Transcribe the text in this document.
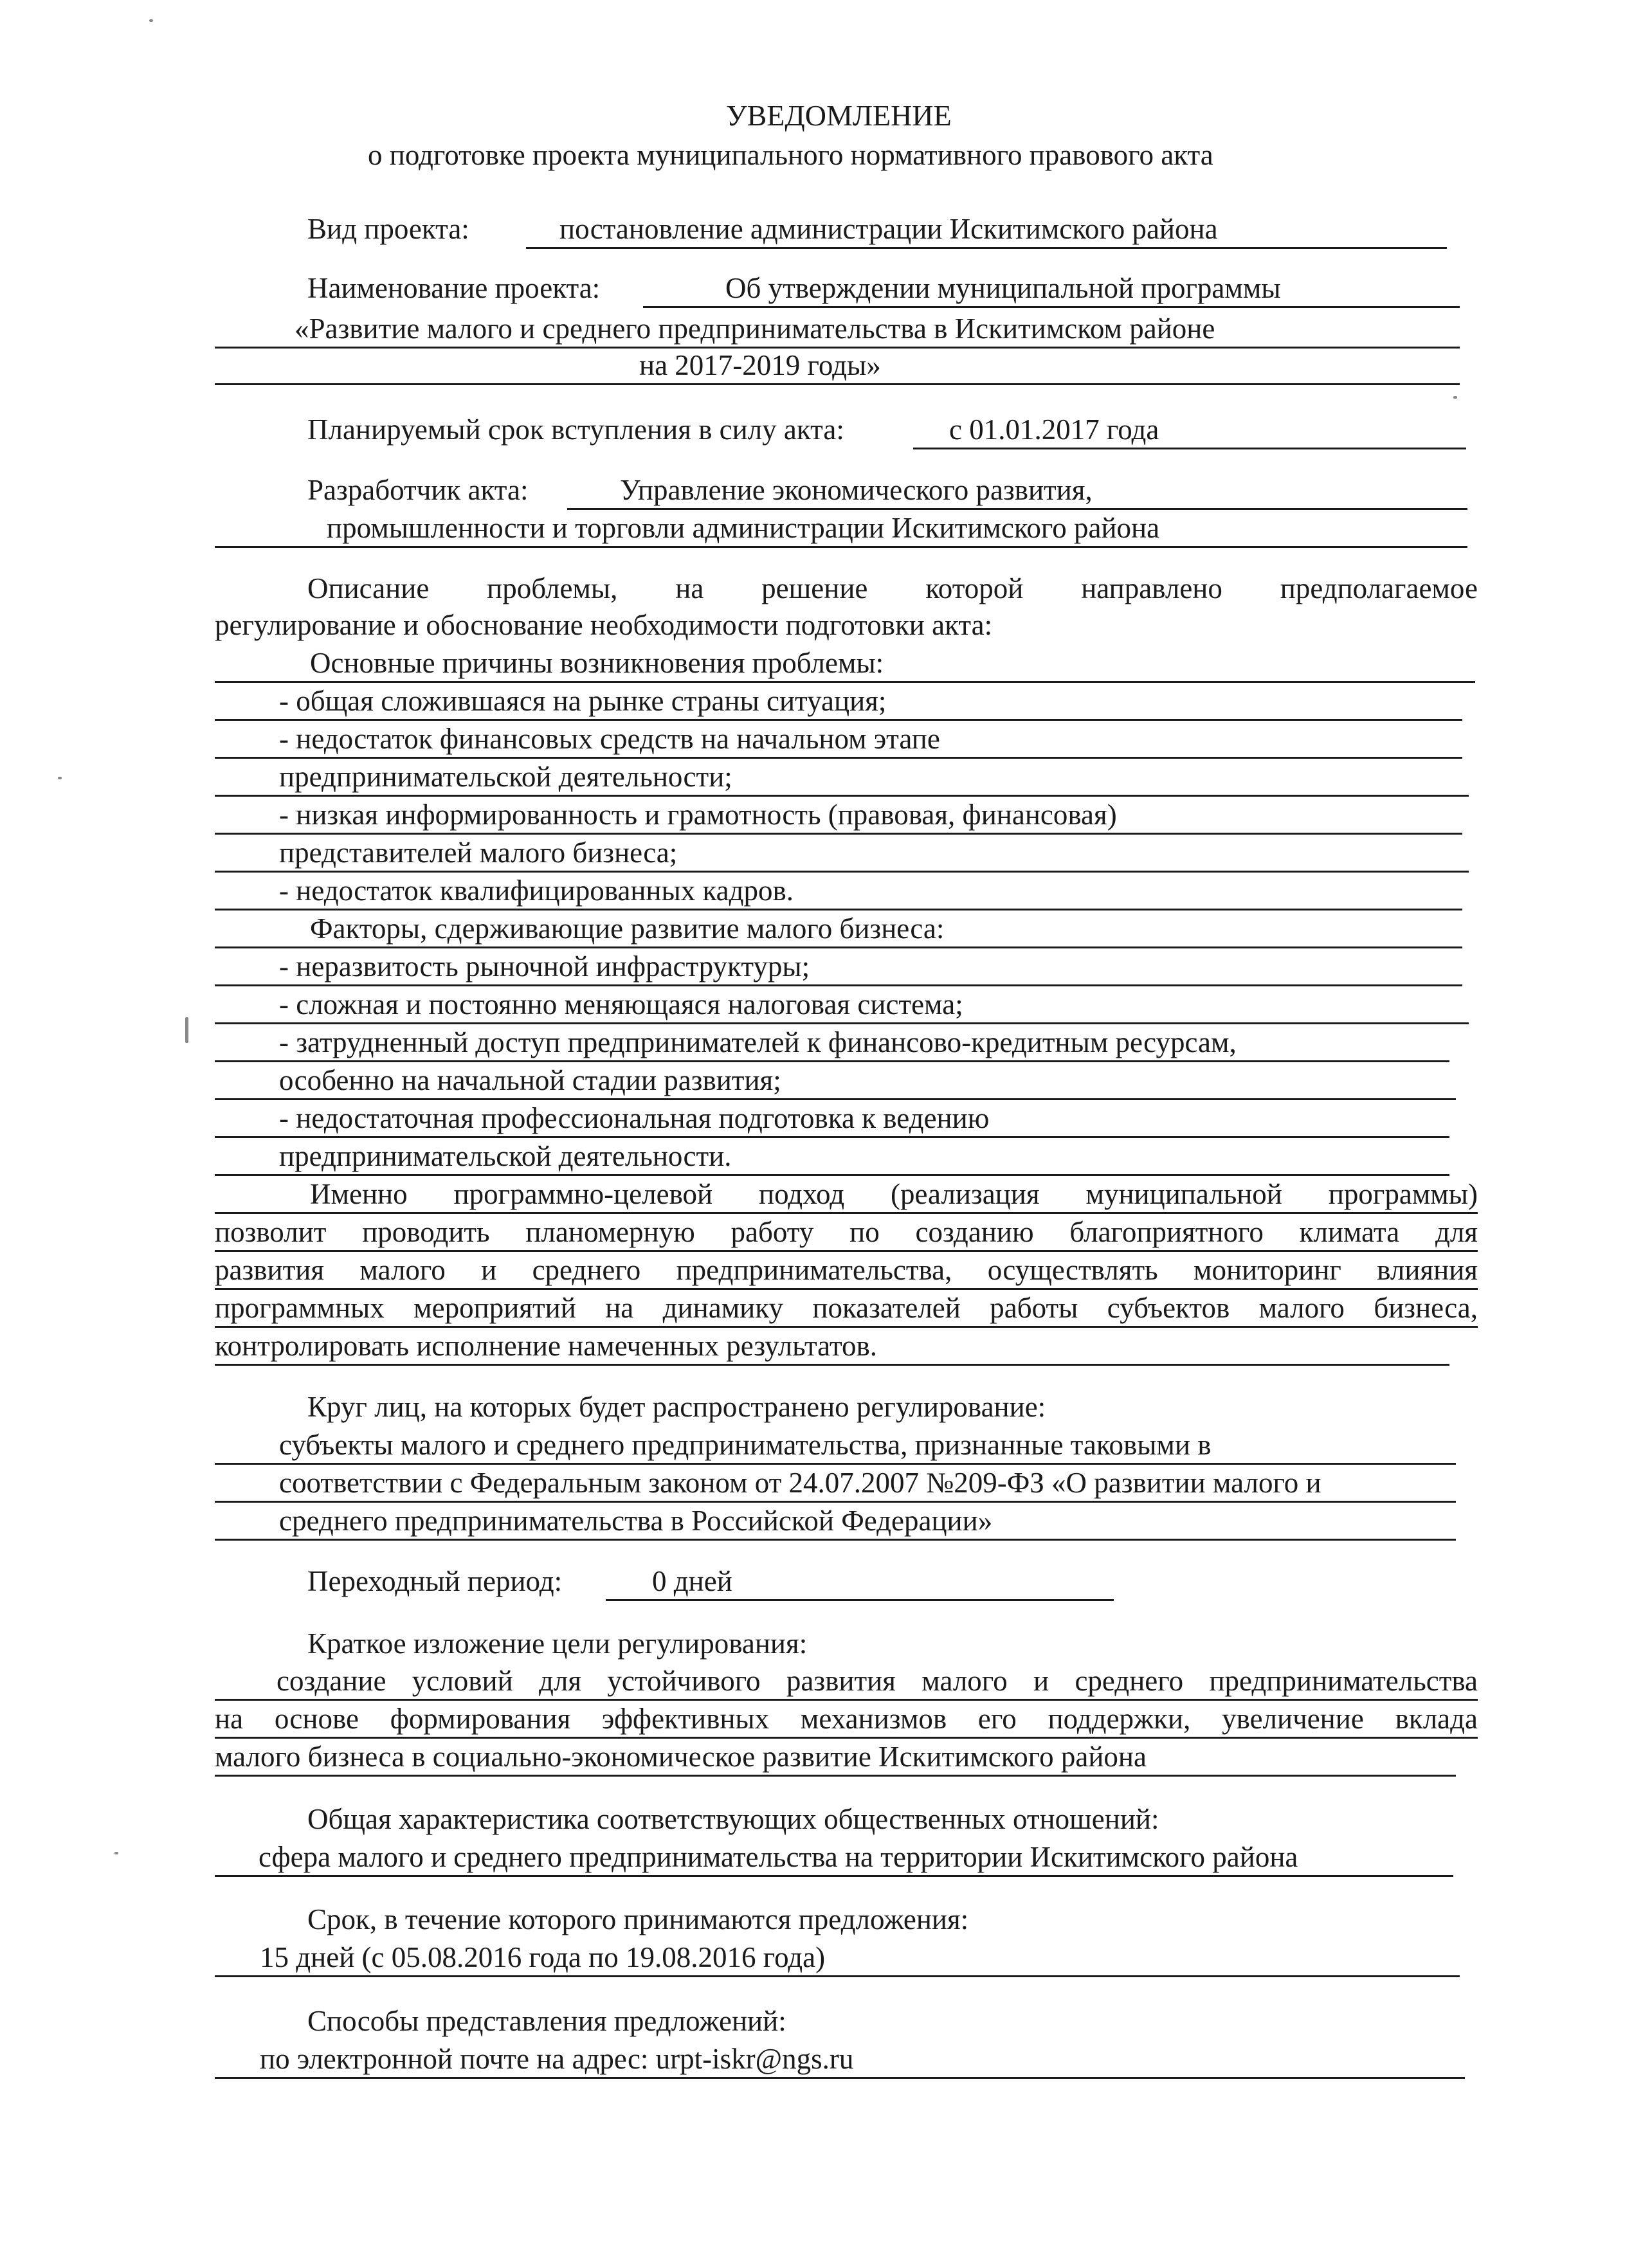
УВЕДОМЛЕНИЕ
о подготовке проекта муниципального нормативного правового акта
Вид проекта:	постановление администрации Искитимского района
Наименование проекта:	Об утверждении муниципальной программы
«Развитие малого и среднего предпринимательства в Искитимском районе
на 2017-2019 годы»
Планируемый срок вступления в силу акта:	с 01.01.2017 года
Разработчик акта:	Управление экономического развития,
промышленности и торговли администрации Искитимского района
Описание проблемы, на решение которой направлено предполагаемое
регулирование и обоснование необходимости подготовки акта:
Основные причины возникновения проблемы:
- общая сложившаяся на рынке страны ситуация;
- недостаток финансовых средств на начальном этапе
предпринимательской деятельности;
- низкая информированность и грамотность (правовая, финансовая)
представителей малого бизнеса;
- недостаток квалифицированных кадров.
Факторы, сдерживающие развитие малого бизнеса:
- неразвитость рыночной инфраструктуры;
- сложная и постоянно меняющаяся налоговая система;
- затрудненный доступ предпринимателей к финансово-кредитным ресурсам,
особенно на начальной стадии развития;
- недостаточная профессиональная подготовка к ведению
предпринимательской деятельности.
Именно программно-целевой подход (реализация муниципальной программы)
позволит проводить планомерную работу по созданию благоприятного климата для
развития малого и среднего предпринимательства, осуществлять мониторинг влияния
программных мероприятий на динамику показателей работы субъектов малого бизнеса,
контролировать исполнение намеченных результатов.
Круг лиц, на которых будет распространено регулирование:
субъекты малого и среднего предпринимательства, признанные таковыми в
соответствии с Федеральным законом от 24.07.2007 №209-ФЗ «О развитии малого и
среднего предпринимательства в Российской Федерации»
Переходный период:	0 дней
Краткое изложение цели регулирования:
создание условий для устойчивого развития малого и среднего предпринимательства
на основе формирования эффективных механизмов его поддержки, увеличение вклада
малого бизнеса в социально-экономическое развитие Искитимского района
Общая характеристика соответствующих общественных отношений:
сфера малого и среднего предпринимательства на территории Искитимского района
Срок, в течение которого принимаются предложения:
15 дней (с 05.08.2016 года по 19.08.2016 года)
Способы представления предложений:
по электронной почте на адрес: urpt-iskr@ngs.ru
